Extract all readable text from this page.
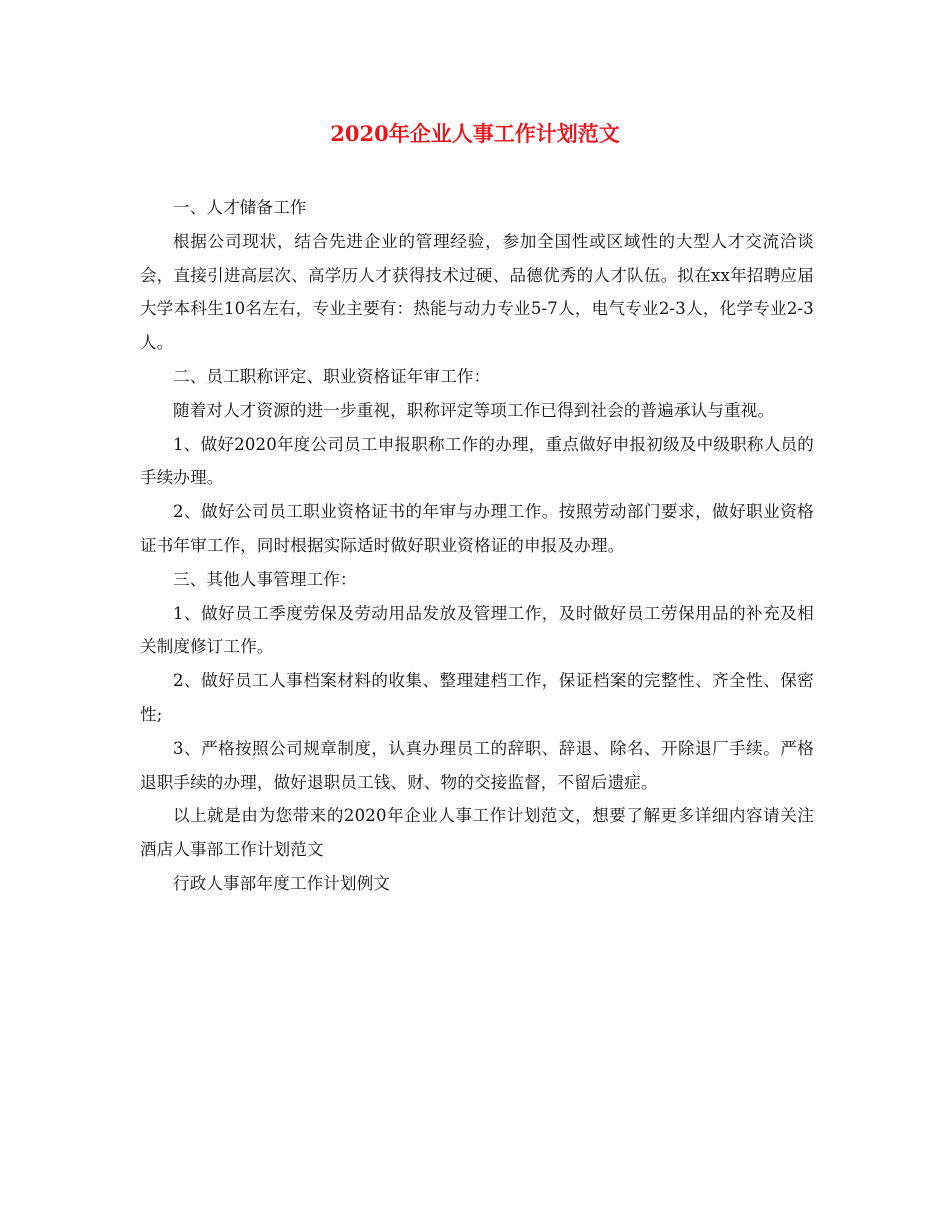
2020年企业人事工作计划范文

一、人才储备工作

根据公司现状，结合先进企业的管理经验，参加全国性或区域性的大型人才交流洽谈会，直接引进高层次、高学历人才获得技术过硬、品德优秀的人才队伍。拟在xx年招聘应届大学本科生10名左右，专业主要有：热能与动力专业5-7人，电气专业2-3人，化学专业2-3人。

二、员工职称评定、职业资格证年审工作：

随着对人才资源的进一步重视，职称评定等项工作已得到社会的普遍承认与重视。

1、做好2020年度公司员工申报职称工作的办理，重点做好申报初级及中级职称人员的手续办理。

2、做好公司员工职业资格证书的年审与办理工作。按照劳动部门要求，做好职业资格证书年审工作，同时根据实际适时做好职业资格证的申报及办理。

三、其他人事管理工作：

1、做好员工季度劳保及劳动用品发放及管理工作，及时做好员工劳保用品的补充及相关制度修订工作。

2、做好员工人事档案材料的收集、整理建档工作，保证档案的完整性、齐全性、保密性;

3、严格按照公司规章制度，认真办理员工的辞职、辞退、除名、开除退厂手续。严格退职手续的办理，做好退职员工钱、财、物的交接监督，不留后遗症。

以上就是由为您带来的2020年企业人事工作计划范文，想要了解更多详细内容请关注酒店人事部工作计划范文

行政人事部年度工作计划例文
